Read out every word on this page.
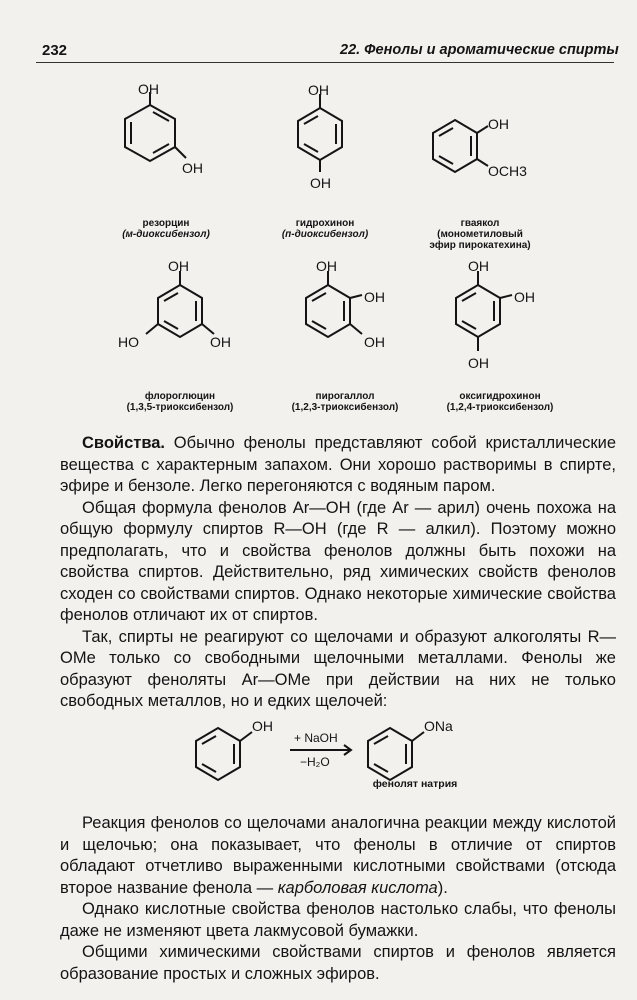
232	22. Фенолы и ароматические спирты
OH
OH
резорцин
(м-диоксибензол)
OH
OH
гидрохинон
(п-диоксибензол)
OH
OCH3
гваякол
(монометиловый
эфир пирокатехина)
OH
HO	OH
флороглюцин
(1,3,5-триоксибензол)
OH
OH
OH
пирогаллол
(1,2,3-триоксибензол)
OH
OH
OH
оксигидрохинон
(1,2,4-триоксибензол)

Свойства. Обычно фенолы представляют собой кристаллические вещества с характерным запахом. Они хорошо растворимы в спирте, эфире и бензоле. Легко перегоняются с водяным паром.

Общая формула фенолов Ar—OH (где Ar — арил) очень похожа на общую формулу спиртов R—OH (где R — алкил). Поэтому можно предполагать, что и свойства фенолов должны быть похожи на свойства спиртов. Действительно, ряд химических свойств фенолов сходен со свойствами спиртов. Однако некоторые химические свойства фенолов отличают их от спиртов.

Так, спирты не реагируют со щелочами и образуют алкоголяты R—OMe только со свободными щелочными металлами. Фенолы же образуют феноляты Ar—OMe при действии на них не только свободных металлов, но и едких щелочей:

OH
+ NaOH
−H₂O
ONa
фенолят натрия

Реакция фенолов со щелочами аналогична реакции между кислотой и щелочью; она показывает, что фенолы в отличие от спиртов обладают отчетливо выраженными кислотными свойствами (отсюда второе название фенола — карболовая кислота).

Однако кислотные свойства фенолов настолько слабы, что фенолы даже не изменяют цвета лакмусовой бумажки.

Общими химическими свойствами спиртов и фенолов является образование простых и сложных эфиров.
